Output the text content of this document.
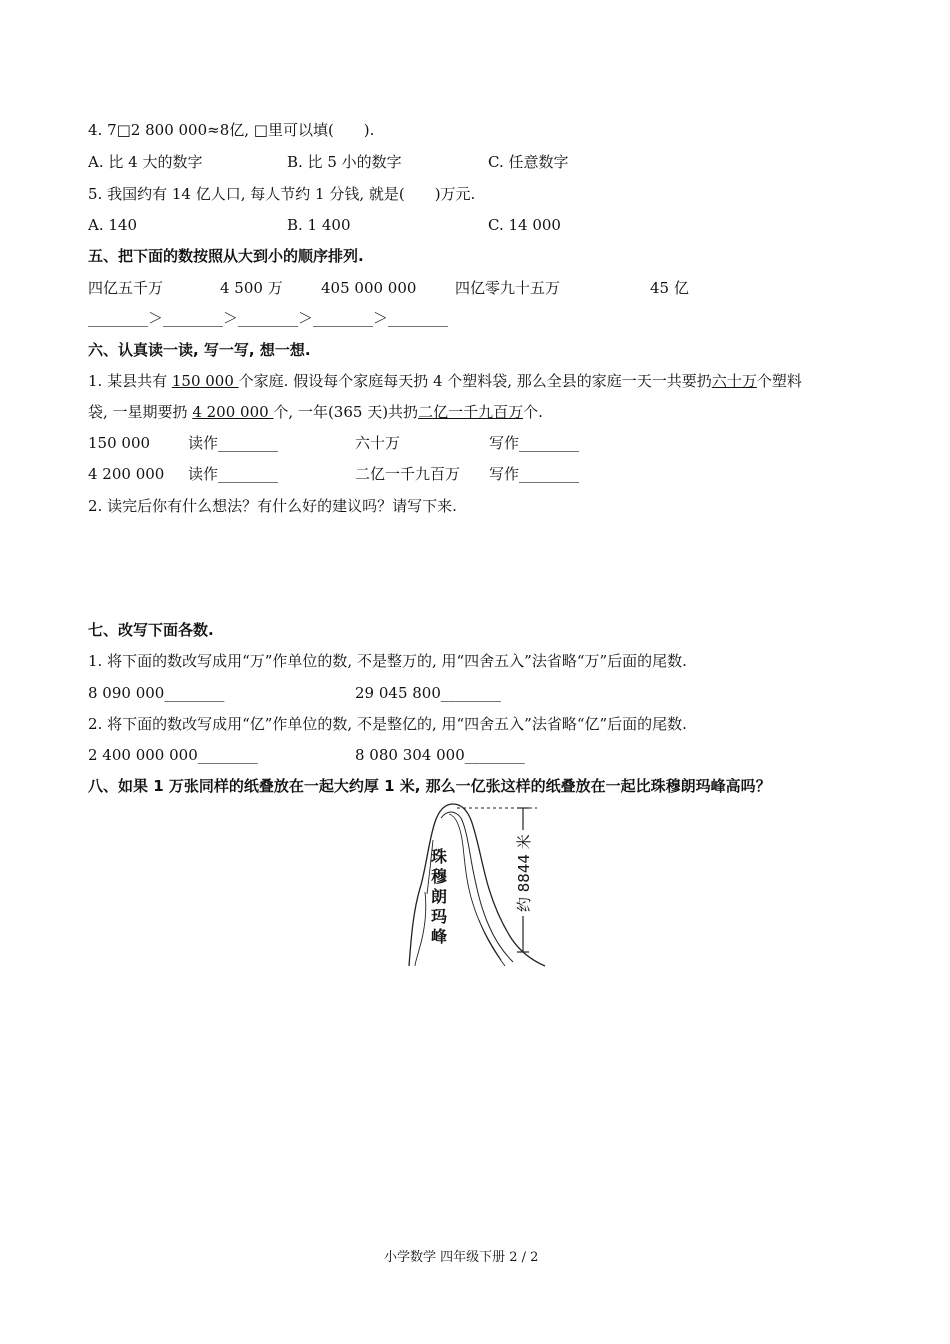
4. 7□2 800 000≈8亿, □里可以填(　　).
A. 比 4 大的数字	B. 比 5 小的数字	C. 任意数字
5. 我国约有 14 亿人口, 每人节约 1 分钱, 就是(　　)万元.
A. 140	B. 1 400	C. 14 000
五、把下面的数按照从大到小的顺序排列.
四亿五千万	4 500 万	405 000 000	四亿零九十五万	45 亿
________＞________＞________＞________＞________
六、认真读一读, 写一写, 想一想.
1. 某县共有 150 000 个家庭. 假设每个家庭每天扔 4 个塑料袋, 那么全县的家庭一天一共要扔六十万个塑料
袋, 一星期要扔 4 200 000 个, 一年(365 天)共扔二亿一千九百万个.
150 000	读作________	六十万	写作________
4 200 000 读作________	二亿一千九百万 写作________
2. 读完后你有什么想法？有什么好的建议吗？请写下来.
七、改写下面各数.
1. 将下面的数改写成用“万”作单位的数, 不是整万的, 用“四舍五入”法省略“万”后面的尾数.
8 090 000________	29 045 800________
2. 将下面的数改写成用“亿”作单位的数, 不是整亿的, 用“四舍五入”法省略“亿”后面的尾数.
2 400 000 000________	8 080 304 000________
八、如果 1 万张同样的纸叠放在一起大约厚 1 米, 那么一亿张这样的纸叠放在一起比珠穆朗玛峰高吗？
珠
穆
朗
玛
峰
约 8844 米
小学数学 四年级下册 2 / 2
